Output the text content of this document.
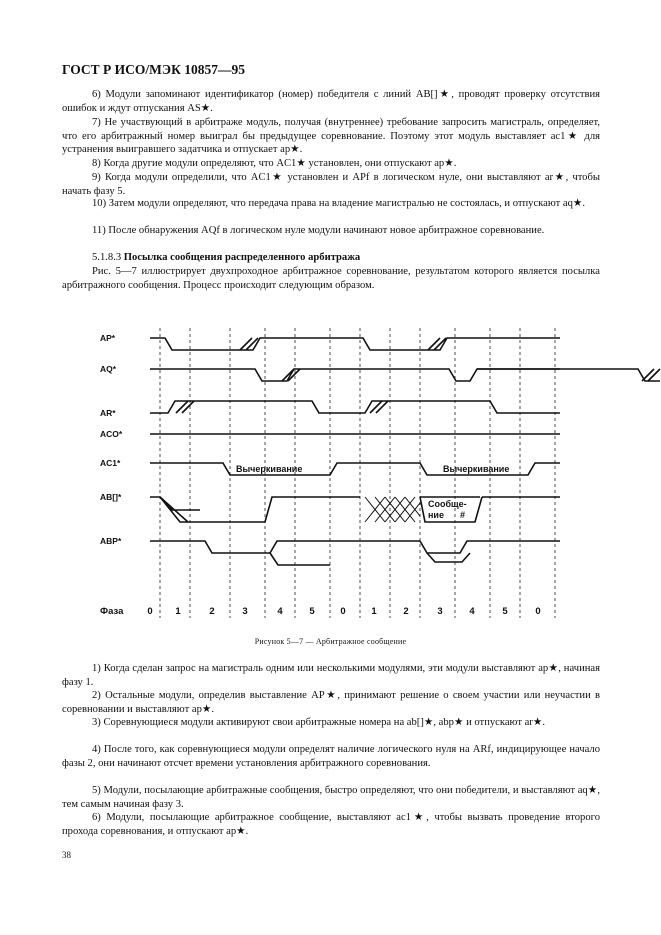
ГОСТ Р ИСО/МЭК 10857—95
6) Модули запоминают идентификатор (номер) победителя с линий AB[]★, проводят проверку отсутствия ошибок и ждут отпускания AS★.
7) Не участвующий в арбитраже модуль, получая (внутреннее) требование запросить магистраль, определяет, что его арбитражный номер выиграл бы предыдущее соревнование. Поэтому этот модуль выставляет ac1★ для устранения выигравшего задатчика и отпускает ap★.
8) Когда другие модули определяют, что AC1★ установлен, они отпускают ap★.
9) Когда модули определили, что AC1★ установлен и APf в логическом нуле, они выставляют ar★, чтобы начать фазу 5.
10) Затем модули определяют, что передача права на владение магистралью не состоялась, и отпускают aq★.
11) После обнаружения AQf в логическом нуле модули начинают новое арбитражное соревнование.
5.1.8.3 Посылка сообщения распределенного арбитража
Рис. 5—7 иллюстрирует двухпроходное арбитражное соревнование, результатом которого является посылка арбитражного сообщения. Процесс происходит следующим образом.
AP*
AQ*
AR*
ACO*
AC1*
AB[]*
ABP*
Вычеркивание	Вычеркивание
Сообще-
ние #
Фаза	0 1	2	3	4	5	0	1	2	3	4	5	0
Рисунок 5—7 — Арбитражное сообщение
1) Когда сделан запрос на магистраль одним или несколькими модулями, эти модули выставляют ap★, начиная фазу 1.
2) Остальные модули, определив выставление AP★, принимают решение о своем участии или неучастии в соревновании и выставляют ap★.
3) Соревнующиеся модули активируют свои арбитражные номера на ab[]★, abp★ и отпускают ar★.
4) После того, как соревнующиеся модули определят наличие логического нуля на ARf, индицирующее начало фазы 2, они начинают отсчет времени установления арбитражного соревнования.
5) Модули, посылающие арбитражные сообщения, быстро определяют, что они победители, и выставляют aq★, тем самым начиная фазу 3.
6) Модули, посылающие арбитражное сообщение, выставляют ac1★, чтобы вызвать проведение второго прохода соревнования, и отпускают ap★.
38
